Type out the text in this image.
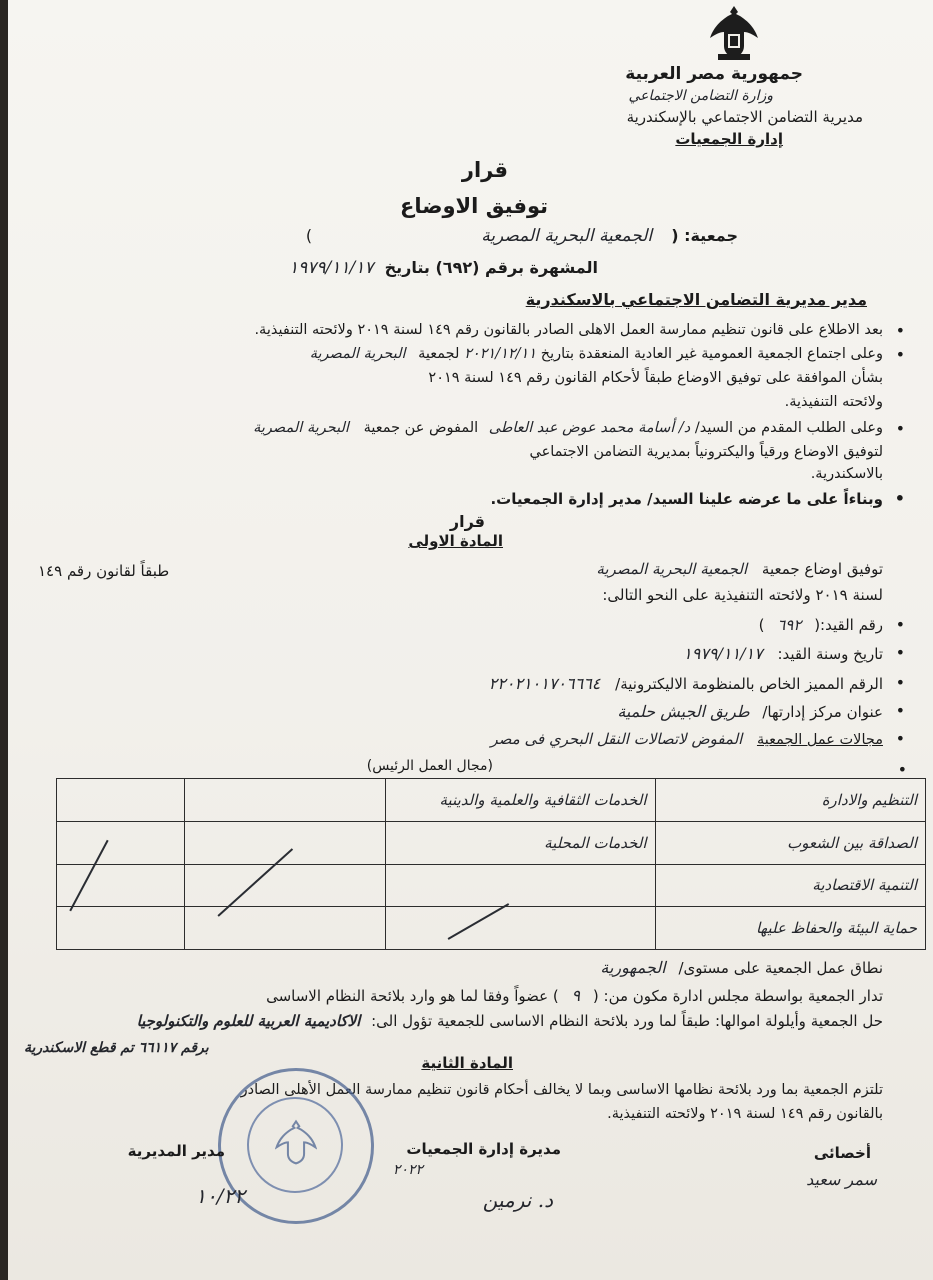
جمهورية مصر العربية
وزارة التضامن الاجتماعي
مديرية التضامن الاجتماعي بالإسكندرية
إدارة الجمعيات
قرار
توفيق الاوضاع
جمعية: ( الجمعية البحرية المصرية )
المشهرة برقم (٦٩٢) بتاريخ ١٩٧٩/١١/١٧
مدير مديرية التضامن الاجتماعي بالاسكندرية
بعد الاطلاع على قانون تنظيم ممارسة العمل الاهلى الصادر بالقانون رقم ١٤٩ لسنة ٢٠١٩ ولائحته التنفيذية. •
وعلى اجتماع الجمعية العمومية غير العادية المنعقدة بتاريخ ٢٠٢١/١٢/١١ لجمعية البحرية المصرية •
بشأن الموافقة على توفيق الاوضاع طبقاً لأحكام القانون رقم ١٤٩ لسنة ٢٠١٩
ولائحته التنفيذية.
وعلى الطلب المقدم من السيد/ د/ أسامة محمد عوض عبد العاطى المفوض عن جمعية البحرية المصرية •
لتوفيق الاوضاع ورقياً واليكترونياً بمديرية التضامن الاجتماعي
بالاسكندرية.
وبناءاً على ما عرضه علينا السيد/ مدير إدارة الجمعيات. •
قرار
المادة الاولى
توفيق اوضاع جمعية الجمعية البحرية المصرية
طبقاً لقانون رقم ١٤٩
لسنة ٢٠١٩ ولائحته التنفيذية على النحو التالى:
رقم القيد:( ٦٩٢ ) •
تاريخ وسنة القيد: ١٩٧٩/١١/١٧ •
الرقم المميز الخاص بالمنظومة الاليكترونية/ ٢٢٠٢١٠١٧٠٦٦٦٤ •
عنوان مركز إدارتها/ طريق الجيش حلمية •
مجالات عمل الجمعية المفوض لاتصالات النقل البحري فى مصر •
(مجال العمل الرئيس)	•
التنظيم والادارة	الخدمات الثقافية والعلمية والدينية		
الصداقة بين الشعوب	الخدمات المحلية		
التنمية الاقتصادية			
حماية البيئة والحفاظ عليها			
نطاق عمل الجمعية على مستوى/ الجمهورية
تدار الجمعية بواسطة مجلس ادارة مكون من: ( ٩ ) عضواً وفقا لما هو وارد بلائحة النظام الاساسى
حل الجمعية وأيلولة اموالها: طبقاً لما ورد بلائحة النظام الاساسى للجمعية تؤول الى: الاكاديمية العربية للعلوم والتكنولوجيا
برقم ٦٦١١٧ تم قطع الاسكندرية
المادة الثانية
تلتزم الجمعية بما ورد بلائحة نظامها الاساسى وبما لا يخالف أحكام قانون تنظيم ممارسة العمل الأهلى الصادر
بالقانون رقم ١٤٩ لسنة ٢٠١٩ ولائحته التنفيذية.
أخصائى
سمر سعيد
مديرة إدارة الجمعيات
٢٠٢٢
د. نرمين
مدير المديرية
١٠/٢٢
